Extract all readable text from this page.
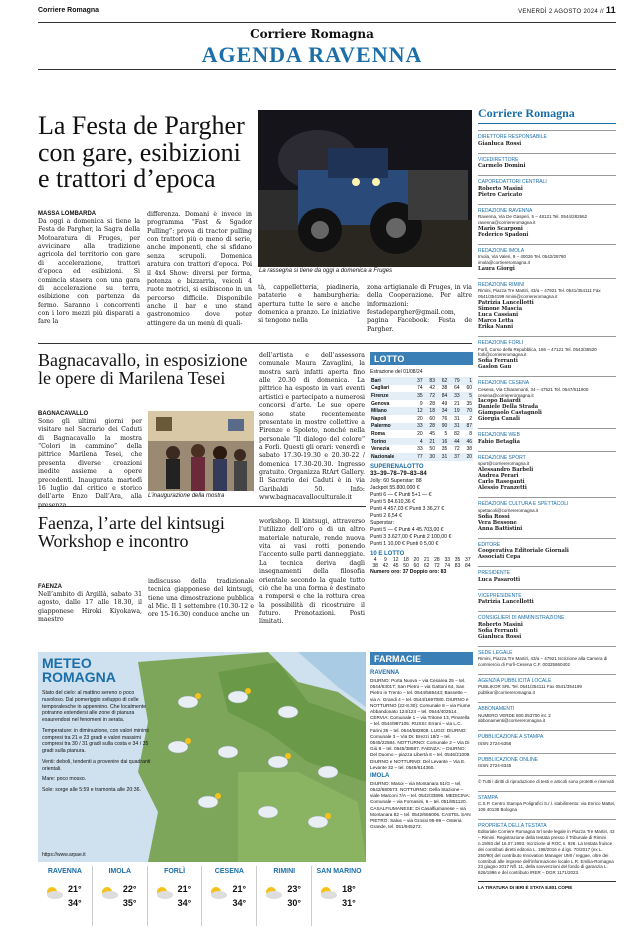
Corriere Romagna	VENERDÌ 2 AGOSTO 2024 // 11
Corriere Romagna
AGENDA RAVENNA
La Festa de Pargher
con gare, esibizioni
e trattori d’epoca
MASSA LOMBARDA
Da oggi a domenica si tiene la Festa de Pargher, la Sagra della Motoaratura di Fruges, per avvicinare alla tradizione agricola del territorio con gare di accelerazione, trattori d’epoca ed esibizioni. Si comincia stasera con una gara di accelerazione su terra, esibizione con partenza da fermo. Saranno i concorrenti con i loro mezzi più disparati a fare la
differenza. Domani è invece in programma “Fast & Sgador Pulling”: prova di tractor pulling con trattori più o meno di serie, anche imponenti, che si sfidano senza scrupoli. Domenica aratura con trattori d’epoca. Poi il 4x4 Show: diversi per forma, potenza e bizzarria, veicoli 4 ruote motrici, si esibiscono in un percorso difficile. Disponibile anche il bar e uno stand gastronomico dove poter attingere da un menù di quali-
tà, cappelletteria, piadineria, pataterie e hamburgheria: apertura tutte le sere e anche domenica a pranzo. Le iniziative si tengono nella
zona artigianale di Fruges, in via della Cooperazione. Per altre informazioni: festadepargher@gmail.com, pagina Facebook: Festa de Pargher.
La rassegna si tiene da oggi a domenica a Fruges
Bagnacavallo, in esposizione
le opere di Marilena Tesei
BAGNACAVALLO
Sono gli ultimi giorni per visitare nel Sacrario dei Caduti di Bagnacavallo la mostra “Colori in cammino” della pittrice Marilena Tesei, che presenta diverse creazioni inedite assieme a opere precedenti. Inaugurata martedì 16 luglio dal critico e storico dell’arte Enzo Dall’Ara, alla L’inaugurazione della mostra
dell’artista e dell’assessora comunale Maura Zavaglini, la mostra sarà infatti aperta fino alle 20.30 di domenica. La pittrice ha esposto in vari eventi artistici e partecipato a numerosi concorsi d’arte. Le sue opere sono state recentemente presentate in mostre collettive a Firenze e Spoleto, nonché nella personale “Il dialogo del colore” a Forlì. Questi gli orari: venerdì e sabato 17.30-19.30 e 20.30-22 / domenica 17.30-20.30. Ingresso gratuito. Organizza RtArt Gallery. Il Sacrario dei Caduti è in via Garibaldi 50. Info: www.bagnacavalloculturale.it
Faenza, l’arte del kintsugi
Workshop e incontro
FAENZA
Nell’ambito di Argillà, sabato 31 agosto, dalle 17 alle 18.30, il giapponese Hiroki Kiyokawa, maestro
indiscusso della tradizionale tecnica giapponese del kintsugi, tiene una dimostrazione pubblica al Mic. Il 1 settembre (10.30-12 e ore 15-16.30) conduce anche un
workshop. Il kintsugi, attraverso l’utilizzo dell’oro o di un altro materiale naturale, rende nuova vita ai vasi rotti ponendo l’accento sulle parti danneggiate. La tecnica deriva dagli insegnamenti della filosofia orientale secondo la quale tutto ciò che ha una forma è destinato a rompersi e che la rottura crea la possibilità di ricostruire il futuro. Prenotazioni. Posti limitati.
METEO
ROMAGNA

Stato del cielo: al mattino sereno o poco nuvoloso. Dal pomeriggio sviluppo di celle temporalesche in appennino. Che localmente potranno estendersi alle zone di pianura esaurendosi nel fenomeni in serata.

Temperature: in diminuzione, con valori minimi compresi tra 21 e 23 gradi e valori massimi compresi tra 30 / 31 gradi sulla costa e 34 / 35 gradi sulla pianura.

Venti: deboli, tendenti a provenire dai quadranti orientali.

Mare: poco mosso.

Sole: sorge alle 5:59 e tramonta alle 20:36.

https://www.arpae.it
RAVENNA
21°
34°
IMOLA
22°
35°
FORLÌ
21°
34°
CESENA
21°
34°
RIMINI
23°
30°
SAN MARINO
18°
31°
LOTTO
Estrazione del 01/08/24
Bari	37	83	62	79	1
Cagliari	74	42	38	64	60
Firenze	35	72	84	33	5
Genova	9	28	49	21	35
Milano	12	18	34	19	70
Napoli	20	60	76	31	2
Palermo	33	28	90	31	87
Roma	20	45	5	82	8
Torino	4	21	16	44	46
Venezia	33	50	35	72	38
Nazionale	77	30	31	37	20
SUPERENALOTTO
33–39–78–79–83–84
Jolly: 60 Superstar: 88
Jackpot 55.800.000 €
Punti 6 — € Punti 5+1 — €
Punti 5 84.610,36 €
Punti 4 457,03 € Punti 3 36,27 €
Punti 2 6,54 €
Superstar:
Punti 5 — € Punti 4 45.703,00 €
Punti 3 3.627,00 € Punti 2 100,00 €
Punti 1 10,00 € Punti 0 5,00 €
10 E LOTTO
4	9	12	18	20	21	28	33	35	37
38	42	45	50	60	62	72	74	83	84
Numero oro: 37 Doppio oro: 83
FARMACIE
RAVENNA
DIURNO: Porta Nuova – via Cesarea 25 – tel. 0544/63017; San Pietro – via Gattoni 64, San Pietro in Trento – tel. 0544/569443; Bassette – via A. Grandi 4 – tel. 0544/1697080. DIURNO e NOTTURNO (22-8.30): Comunale 8 – via Fiume Abbandonato 124/124 – tel. 0544/402514. CERVIA: Comunale 1 – via Tritone 13, Pinarella – tel. 0544/987105. RUSSI: Errani – via L.C. Farini 35 – tel. 0544/582808. LUGO: DIURNO: Comunale 3 – Via Dr. Brezzi 18/2 – tel. 0545/22584. NOTTURNO: Comunale 2 – Via Di Giù 8 – tel. 0545/38587. FAENZA: – DIURNO: Del Duomo – piazza Libertà 8 – tel. 0546/21009. DIURNO e NOTTURNO: Del Levante – Via E. Levante 32 – tel. 0546/614360.
IMOLA
DIURNO: Masoi – via Montanara 51/G – tel. 0542/680573. NOTTURNO: Della Stazione – viale Marconi 7/A – tel. 0542/33896. MEDICINA: Comunale – via Fornasini, 6 – tel. 051/851120. CASALFIUMANESE: Di Casalfiumanese – via Montanara 82 – tel. 0542/666006. CASTEL SAN PIETRO: Salus – via Grossi 95-99 – Osteria Grande, tel. 051/945272.
Corriere Romagna
DIRETTORE RESPONSABILE
Gianluca Rossi
VICEDIRETTORE
Carmelo Domini
CAPOREDATTORI CENTRALI
Roberto Masini
Pietro Caricato
REDAZIONE RAVENNA
Ravenna, Via De Gasperi, 5 – 48121 Tel. 0544/282662 ravenna@corriereromagna.it
Mario Scarponi
Federico Spadoni
REDAZIONE IMOLA
Imola, Via Valeri, 8 – 40026 Tel. 0542/28780 imola@corriereromagna.it
Laura Giorgi
REDAZIONE RIMINI
Rimini, Piazza Tre Martiri, 43/a – 47921 Tel. 0541/354111 Fax 0541/354199 rimini@corriereromagna.it
Patrizia Lancellotti
Simone Mascia
Luca Cassiani
Marco Letta
Erika Nanni
REDAZIONE FORLÌ
Forlì, Corso della Repubblica, 186 – 47121 Tel. 0543/35520 forli@corriereromagna.it
Sofia Ferranti
Gaslon Gau
REDAZIONE CESENA
Cesena, Via Chiaramonti, 34 – 47521 Tel. 0547/611900 cesena@corriereromagna.it
Iacopo Baiardi
Daniele Della Strada
Giampaolo Castagnoli
Giorgia Canali
REDAZIONE WEB
Fabio Betaglia
REDAZIONE SPORT
sport@corriereromagna.it
Alessandro Barbeli
Andrea Perari
Carlo Raseganti
Alessio Franzetti
REDAZIONE CULTURA E SPETTACOLI
spettacoli@corriereromagna.it
Sofia Rossi
Vera Bessone
Anna Battistini
EDITORE
Cooperativa Editoriale Giornali
Associati Cepa
PRESIDENTE
Luca Pasarotti
VICEPRESIDENTE
Patrizia Lancellotti
CONSIGLIERI DI AMMINISTRAZIONE
Roberto Masini
Sofia Ferranti
Gianluca Rossi
SEDE LEGALE
Rimini, Piazza Tre Martiri, 43/a – 47921 Iscrizione alla Camera di commercio di Forlì-Cesena C.F. 00325860402
AGENZIA PUBBLICITÀ LOCALE
PUBLIKOR SRL Tel. 0541/354111 Fax 0541/354199 publikor@corriereromagna.it
ABBONAMENTI
NUMERO VERDE 800.053700 int. 2 abbonamenti@corriereromagna.it
PUBBLICAZIONE A STAMPA
ISSN 2724-6358
PUBBLICAZIONE ONLINE
ISSN 2724-6345
© Tutti i diritti di riproduzione di testi e articoli sono protetti e riservati
STAMPA
C.S.P. Centro Stampa Poligrafici S.r.l. stabilimento: via Enrico Mattei, 106 40138 Bologna
PROPRIETÀ DELLA TESTATA
Editoriale Corriere Romagna Srl sede legale in Piazza Tre Martiri, 43 – Rimini. Registrazione della testata presso il Tribunale di Rimini n.19/93 del 16.07.1993. Iscrizione al ROC n. 926. La testata fruisce dei contributi diretti editoria L. 198/2016 e d.lgs. 70/2017 (ex L. 250/90) del contributo Innovation Manager UMI / reggae, oltre dei contributi alle imprese dell’informazione locale L.R. Emilia-Romagna 23 giugno 2017 Nfl. 11, della sovvenzioni del fondo di garanzia L. 626/1996 e del contributo IRER – DGR 1171/2023.
LA TIRATURA DI IERI È STATA 8.801 COPIE
